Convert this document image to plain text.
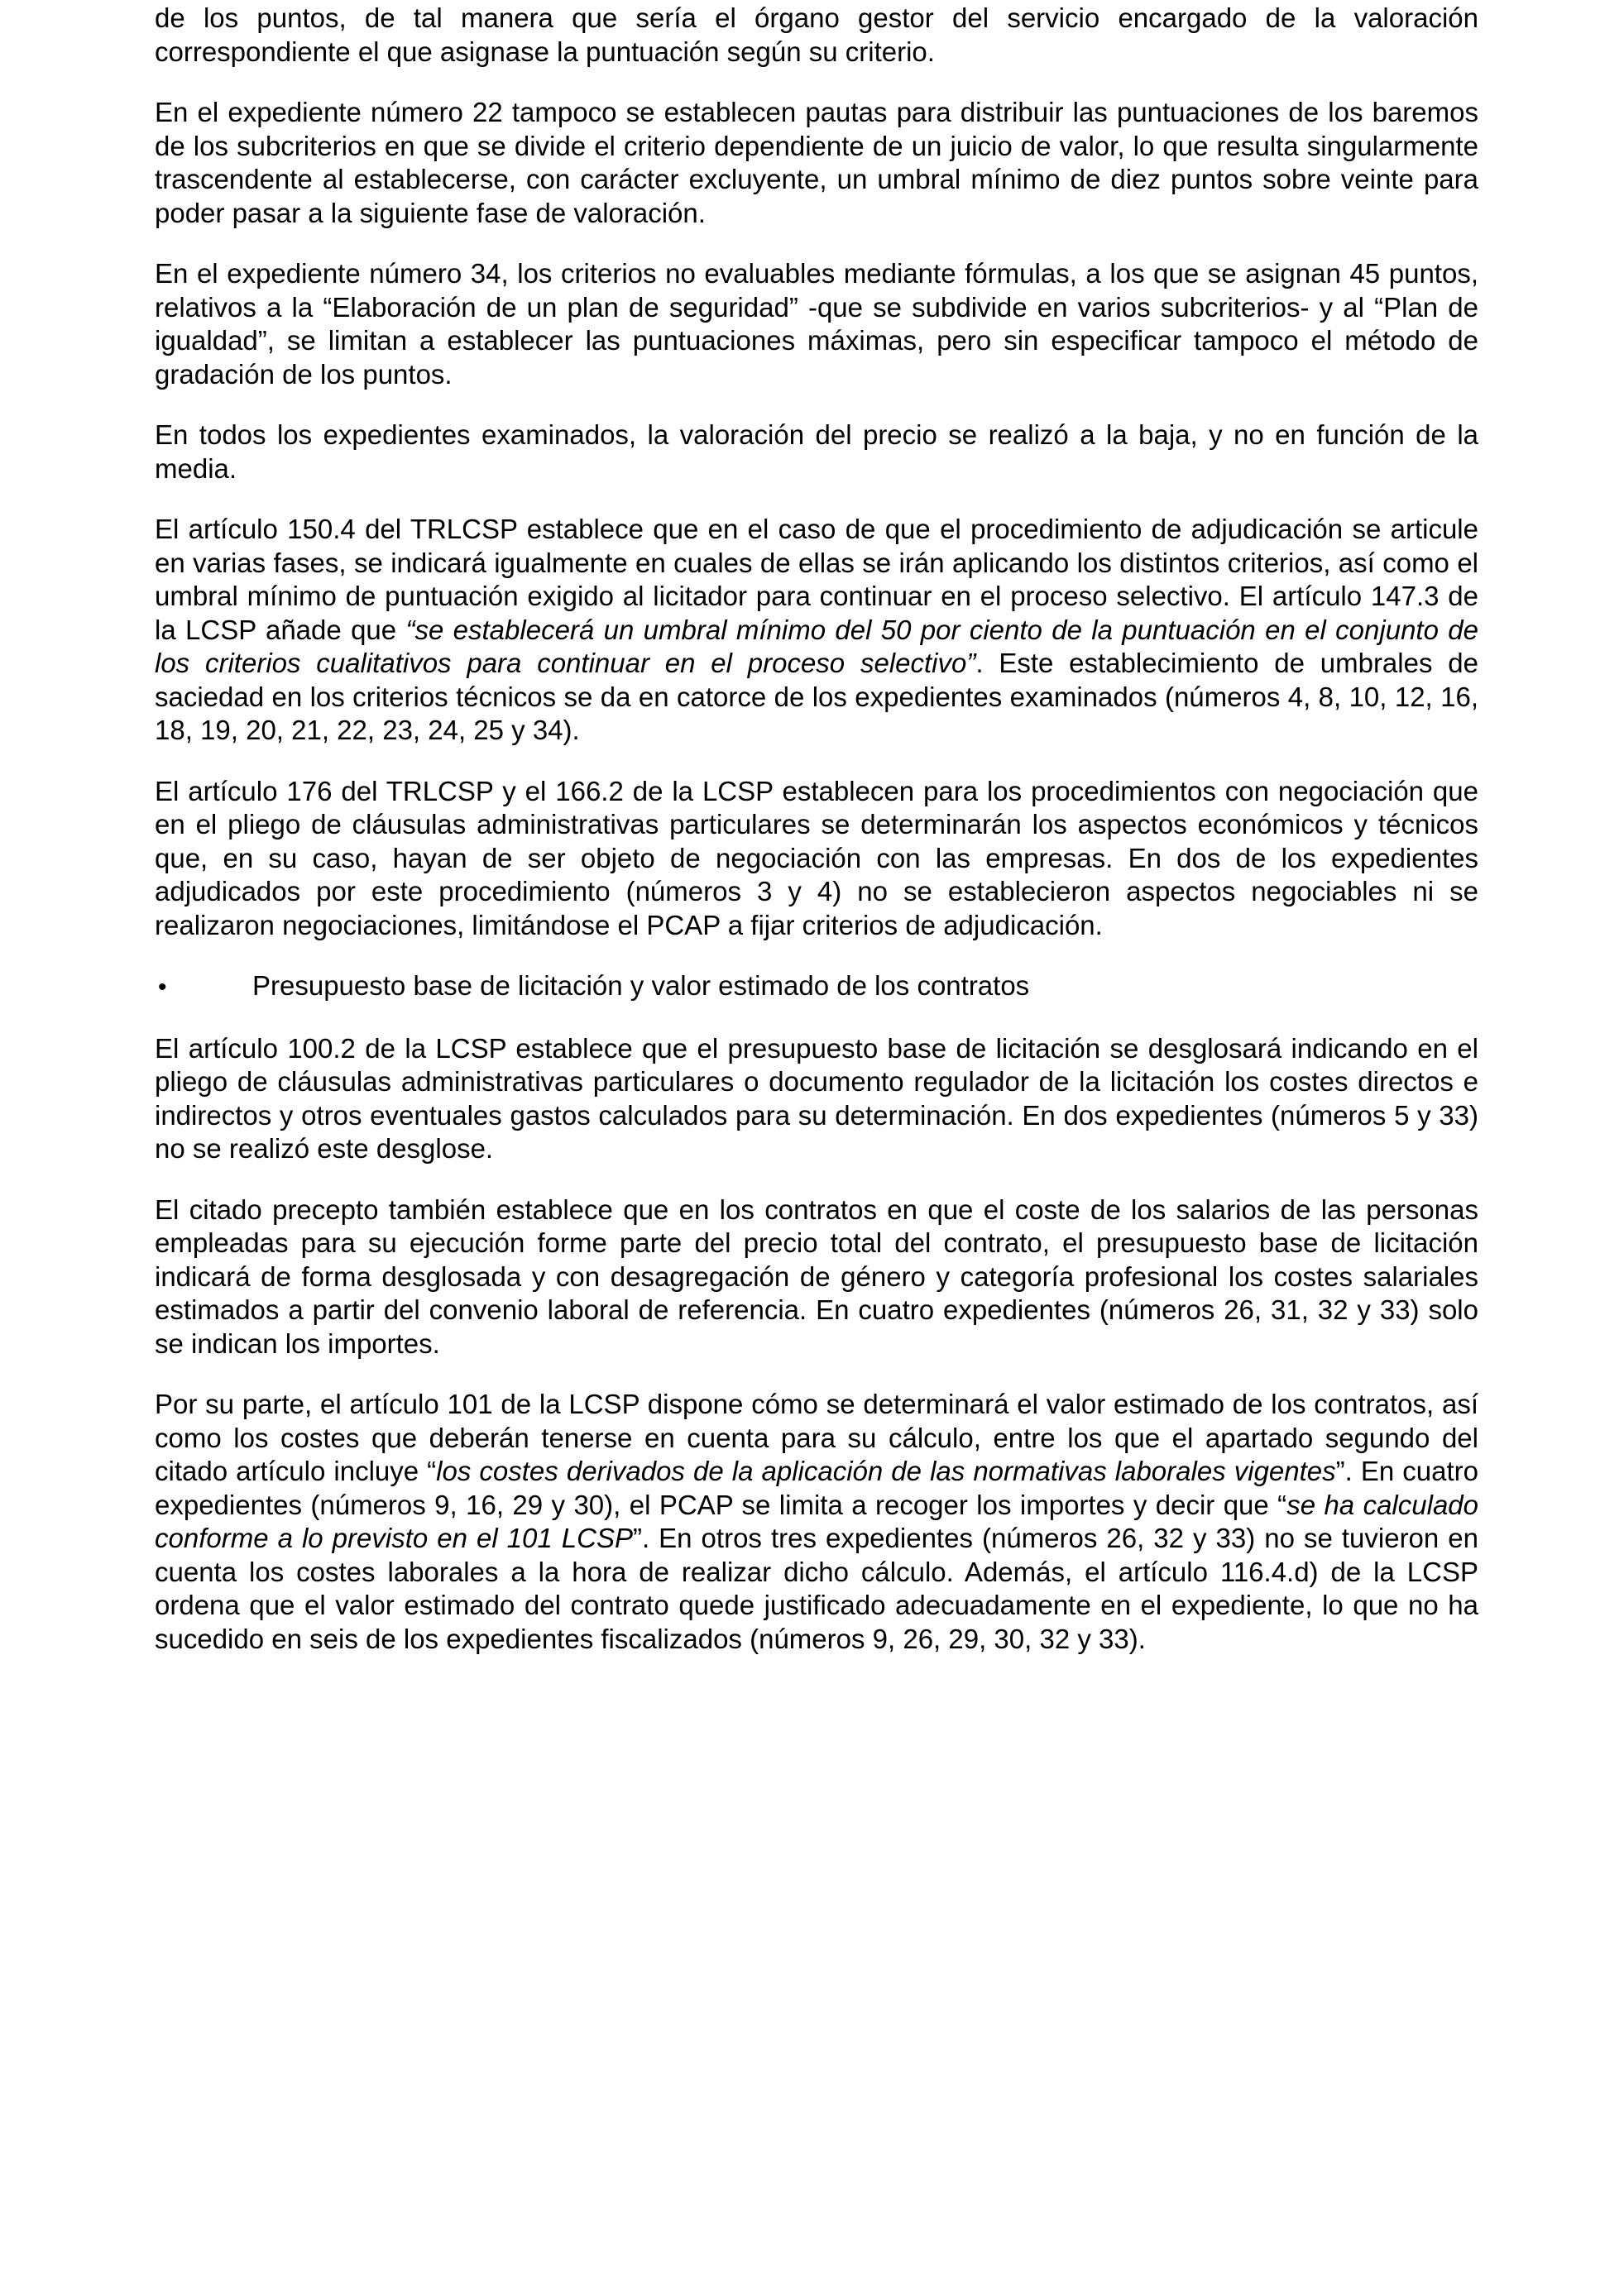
de los puntos, de tal manera que sería el órgano gestor del servicio encargado de la valoración correspondiente el que asignase la puntuación según su criterio.

En el expediente número 22 tampoco se establecen pautas para distribuir las puntuaciones de los baremos de los subcriterios en que se divide el criterio dependiente de un juicio de valor, lo que resulta singularmente trascendente al establecerse, con carácter excluyente, un umbral mínimo de diez puntos sobre veinte para poder pasar a la siguiente fase de valoración.

En el expediente número 34, los criterios no evaluables mediante fórmulas, a los que se asignan 45 puntos, relativos a la “Elaboración de un plan de seguridad” -que se subdivide en varios subcriterios- y al “Plan de igualdad”, se limitan a establecer las puntuaciones máximas, pero sin especificar tampoco el método de gradación de los puntos.

En todos los expedientes examinados, la valoración del precio se realizó a la baja, y no en función de la media.

El artículo 150.4 del TRLCSP establece que en el caso de que el procedimiento de adjudicación se articule en varias fases, se indicará igualmente en cuales de ellas se irán aplicando los distintos criterios, así como el umbral mínimo de puntuación exigido al licitador para continuar en el proceso selectivo. El artículo 147.3 de la LCSP añade que “se establecerá un umbral mínimo del 50 por ciento de la puntuación en el conjunto de los criterios cualitativos para continuar en el proceso selectivo”. Este establecimiento de umbrales de saciedad en los criterios técnicos se da en catorce de los expedientes examinados (números 4, 8, 10, 12, 16, 18, 19, 20, 21, 22, 23, 24, 25 y 34).

El artículo 176 del TRLCSP y el 166.2 de la LCSP establecen para los procedimientos con negociación que en el pliego de cláusulas administrativas particulares se determinarán los aspectos económicos y técnicos que, en su caso, hayan de ser objeto de negociación con las empresas. En dos de los expedientes adjudicados por este procedimiento (números 3 y 4) no se establecieron aspectos negociables ni se realizaron negociaciones, limitándose el PCAP a fijar criterios de adjudicación.

•	Presupuesto base de licitación y valor estimado de los contratos

El artículo 100.2 de la LCSP establece que el presupuesto base de licitación se desglosará indicando en el pliego de cláusulas administrativas particulares o documento regulador de la licitación los costes directos e indirectos y otros eventuales gastos calculados para su determinación. En dos expedientes (números 5 y 33) no se realizó este desglose.

El citado precepto también establece que en los contratos en que el coste de los salarios de las personas empleadas para su ejecución forme parte del precio total del contrato, el presupuesto base de licitación indicará de forma desglosada y con desagregación de género y categoría profesional los costes salariales estimados a partir del convenio laboral de referencia. En cuatro expedientes (números 26, 31, 32 y 33) solo se indican los importes.

Por su parte, el artículo 101 de la LCSP dispone cómo se determinará el valor estimado de los contratos, así como los costes que deberán tenerse en cuenta para su cálculo, entre los que el apartado segundo del citado artículo incluye “los costes derivados de la aplicación de las normativas laborales vigentes”. En cuatro expedientes (números 9, 16, 29 y 30), el PCAP se limita a recoger los importes y decir que “se ha calculado conforme a lo previsto en el 101 LCSP”. En otros tres expedientes (números 26, 32 y 33) no se tuvieron en cuenta los costes laborales a la hora de realizar dicho cálculo. Además, el artículo 116.4.d) de la LCSP ordena que el valor estimado del contrato quede justificado adecuadamente en el expediente, lo que no ha sucedido en seis de los expedientes fiscalizados (números 9, 26, 29, 30, 32 y 33).
